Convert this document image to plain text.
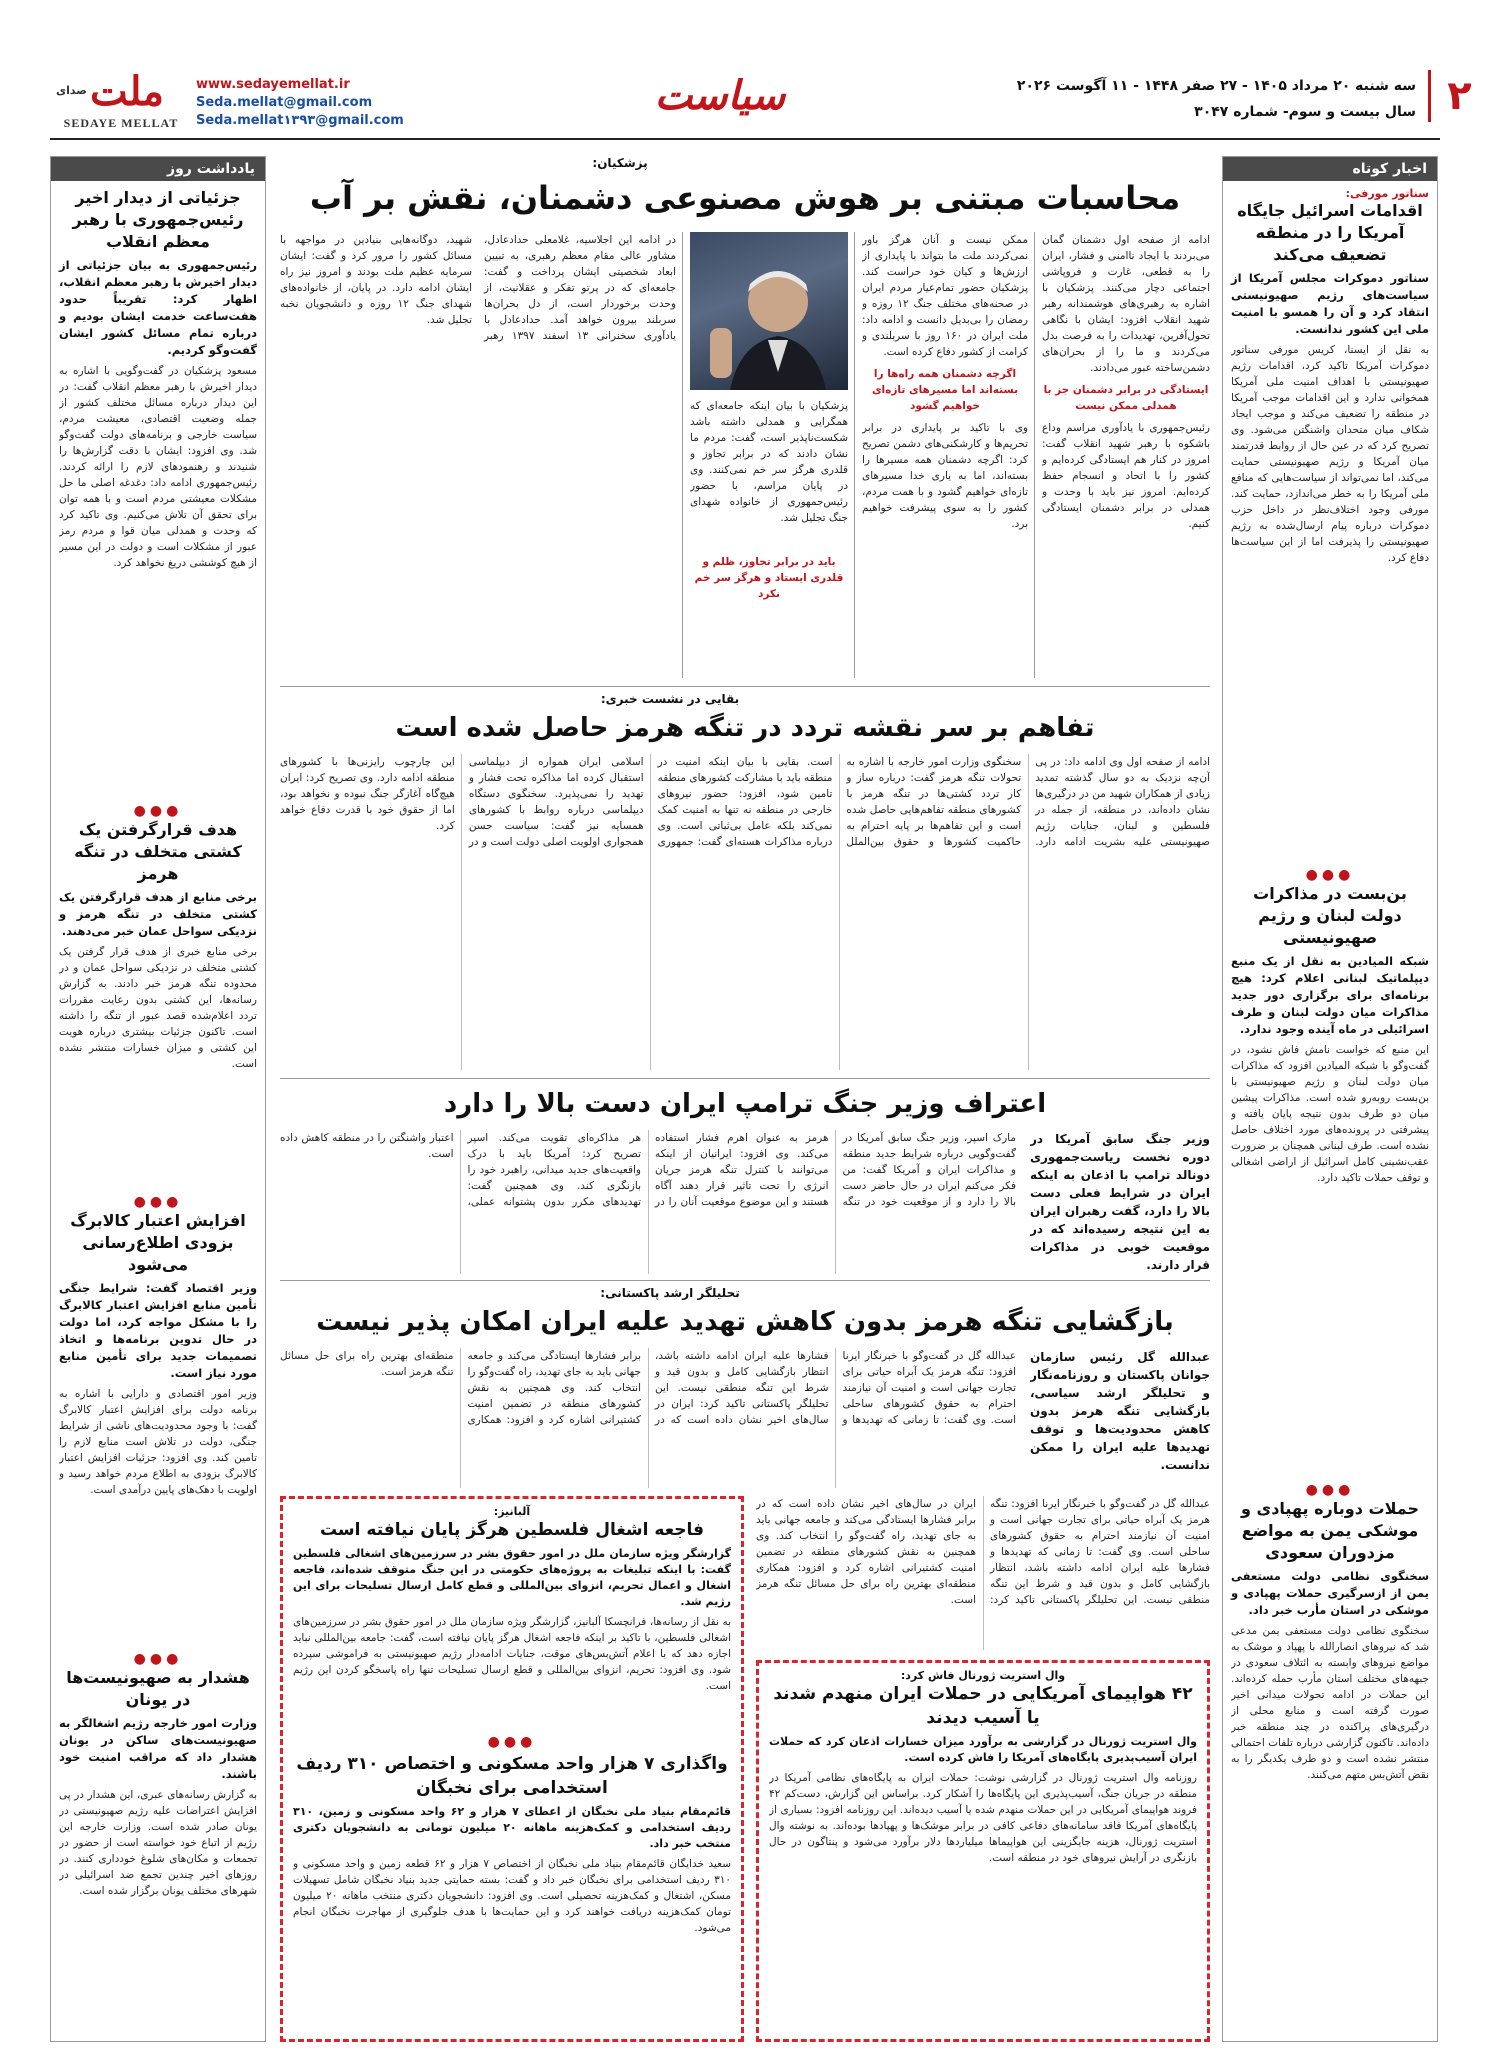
۲
سه شنبه ۲۰ مرداد ۱۴۰۵ - ۲۷ صفر ۱۴۴۸ - ۱۱ آگوست ۲۰۲۶
سال بیست و سوم- شماره ۳۰۴۷
سیاست
www.sedayemellat.ir
Seda.mellat@gmail.com
Seda.mellat۱۳۹۳@gmail.com
صدای ملت
SEDAYE MELLAT
اخبار کوتاه
سناتور مورفی:
اقدامات اسرائیل جایگاه آمریکا را در منطقه تضعیف می‌کند
سناتور دموکرات مجلس آمریکا از سیاست‌های رژیم صهیونیستی انتقاد کرد و آن را همسو با امنیت ملی این کشور ندانست.
به نقل از ایسنا، کریس مورفی سناتور دموکرات آمریکا تاکید کرد، اقدامات رژیم صهیونیستی با اهداف امنیت ملی آمریکا همخوانی ندارد و این اقدامات موجب آمریکا در منطقه را تضعیف می‌کند و موجب ایجاد شکاف میان متحدان واشنگتن می‌شود. وی تصریح کرد که در عین حال از روابط قدرتمند میان آمریکا و رژیم صهیونیستی حمایت می‌کند، اما نمی‌تواند از سیاست‌هایی که منافع ملی آمریکا را به خطر می‌اندازد، حمایت کند. مورفی وجود اختلاف‌نظر در داخل حزب دموکرات درباره پیام ارسال‌شده به رژیم صهیونیستی را پذیرفت اما از این سیاست‌ها دفاع کرد.
●●●
بن‌بست در مذاکرات دولت لبنان و رژیم صهیونیستی
شبکه المیادین به نقل از یک منبع دیپلماتیک لبنانی اعلام کرد: هیچ برنامه‌ای برای برگزاری دور جدید مذاکرات میان دولت لبنان و طرف اسرائیلی در ماه آینده وجود ندارد.
این منبع که خواست نامش فاش نشود، در گفت‌وگو با شبکه المیادین افزود که مذاکرات میان دولت لبنان و رژیم صهیونیستی با بن‌بست روبه‌رو شده است. مذاکرات پیشین میان دو طرف بدون نتیجه پایان یافته و پیشرفتی در پرونده‌های مورد اختلاف حاصل نشده است. طرف لبنانی همچنان بر ضرورت عقب‌نشینی کامل اسرائیل از اراضی اشغالی و توقف حملات تاکید دارد.
●●●
حملات دوباره پهپادی و موشکی یمن به مواضع مزدوران سعودی
سخنگوی نظامی دولت مستعفی یمن از ازسرگیری حملات پهپادی و موشکی در استان مأرب خبر داد.
سخنگوی نظامی دولت مستعفی یمن مدعی شد که نیروهای انصارالله با پهپاد و موشک به مواضع نیروهای وابسته به ائتلاف سعودی در جبهه‌های مختلف استان مأرب حمله کرده‌اند. این حملات در ادامه تحولات میدانی اخیر صورت گرفته است و منابع محلی از درگیری‌های پراکنده در چند منطقه خبر داده‌اند. تاکنون گزارشی درباره تلفات احتمالی منتشر نشده است و دو طرف یکدیگر را به نقض آتش‌بس متهم می‌کنند.
یادداشت روز
جزئیاتی از دیدار اخیر رئیس‌جمهوری با رهبر معظم انقلاب
رئیس‌جمهوری به بیان جزئیاتی از دیدار اخیرش با رهبر معظم انقلاب، اظهار کرد: تقریباً حدود هفت‌ساعت خدمت ایشان بودیم و درباره تمام مسائل کشور ایشان گفت‌وگو کردیم.
مسعود پزشکیان در گفت‌وگویی با اشاره به دیدار اخیرش با رهبر معظم انقلاب گفت: در این دیدار درباره مسائل مختلف کشور از جمله وضعیت اقتصادی، معیشت مردم، سیاست خارجی و برنامه‌های دولت گفت‌وگو شد. وی افزود: ایشان با دقت گزارش‌ها را شنیدند و رهنمودهای لازم را ارائه کردند. رئیس‌جمهوری ادامه داد: دغدغه اصلی ما حل مشکلات معیشتی مردم است و با همه توان برای تحقق آن تلاش می‌کنیم. وی تاکید کرد که وحدت و همدلی میان قوا و مردم رمز عبور از مشکلات است و دولت در این مسیر از هیچ کوششی دریغ نخواهد کرد.
●●●
هدف قرارگرفتن یک کشتی متخلف در تنگه هرمز
برخی منابع از هدف قرارگرفتن یک کشتی متخلف در تنگه هرمز و نزدیکی سواحل عمان خبر می‌دهند.
برخی منابع خبری از هدف قرار گرفتن یک کشتی متخلف در نزدیکی سواحل عمان و در محدوده تنگه هرمز خبر دادند. به گزارش رسانه‌ها، این کشتی بدون رعایت مقررات تردد اعلام‌شده قصد عبور از تنگه را داشته است. تاکنون جزئیات بیشتری درباره هویت این کشتی و میزان خسارات منتشر نشده است.
●●●
افزایش اعتبار کالابرگ بزودی اطلاع‌رسانی می‌شود
وزیر اقتصاد گفت: شرایط جنگی تأمین منابع افزایش اعتبار کالابرگ را با مشکل مواجه کرد، اما دولت در حال تدوین برنامه‌ها و اتخاذ تصمیمات جدید برای تأمین منابع مورد نیاز است.
وزیر امور اقتصادی و دارایی با اشاره به برنامه دولت برای افزایش اعتبار کالابرگ گفت: با وجود محدودیت‌های ناشی از شرایط جنگی، دولت در تلاش است منابع لازم را تامین کند. وی افزود: جزئیات افزایش اعتبار کالابرگ بزودی به اطلاع مردم خواهد رسید و اولویت با دهک‌های پایین درآمدی است.
●●●
هشدار به صهیونیست‌ها در یونان
وزارت امور خارجه رژیم اشغالگر به صهیونیست‌های ساکن در یونان هشدار داد که مراقب امنیت خود باشند.
به گزارش رسانه‌های عبری، این هشدار در پی افزایش اعتراضات علیه رژیم صهیونیستی در یونان صادر شده است. وزارت خارجه این رژیم از اتباع خود خواسته است از حضور در تجمعات و مکان‌های شلوغ خودداری کنند. در روزهای اخیر چندین تجمع ضد اسرائیلی در شهرهای مختلف یونان برگزار شده است.
پزشکیان:
محاسبات مبتنی بر هوش مصنوعی دشمنان، نقش بر آب
ادامه از صفحه اول دشمنان گمان می‌بردند با ایجاد ناامنی و فشار، ایران را به قطعی، غارت و فروپاشی اجتماعی دچار می‌کنند. پزشکیان با اشاره به رهبری‌های هوشمندانه رهبر شهید انقلاب افزود: ایشان با نگاهی تحول‌آفرین، تهدیدات را به فرصت بدل می‌کردند و ما را از بحران‌های دشمن‌ساخته عبور می‌دادند.
ایستادگی در برابر دشمنان جز با همدلی ممکن نیست
رئیس‌جمهوری با یادآوری مراسم وداع باشکوه با رهبر شهید انقلاب گفت: امروز در کنار هم ایستادگی کرده‌ایم و کشور را با اتحاد و انسجام حفظ کرده‌ایم. امروز نیز باید با وحدت و همدلی در برابر دشمنان ایستادگی کنیم.
ممکن نیست و آنان هرگز باور نمی‌کردند ملت ما بتواند با پایداری از ارزش‌ها و کیان خود حراست کند. پزشکیان حضور تمام‌عیار مردم ایران در صحنه‌های مختلف جنگ ۱۲ روزه و رمضان را بی‌بدیل دانست و ادامه داد: ملت ایران در ۱۶۰ روز با سربلندی و کرامت از کشور دفاع کرده است.
اگرچه دشمنان همه راه‌ها را بسته‌اند اما مسیرهای تازه‌ای خواهیم گشود
وی با تاکید بر پایداری در برابر تحریم‌ها و کارشکنی‌های دشمن تصریح کرد: اگرچه دشمنان همه مسیرها را بسته‌اند، اما به یاری خدا مسیرهای تازه‌ای خواهیم گشود و با همت مردم، کشور را به سوی پیشرفت خواهیم برد.
پزشکیان با بیان اینکه جامعه‌ای که همگرایی و همدلی داشته باشد شکست‌ناپذیر است، گفت: مردم ما نشان دادند که در برابر تجاوز و قلدری هرگز سر خم نمی‌کنند. وی در پایان مراسم، با حضور رئیس‌جمهوری از خانواده شهدای جنگ تجلیل شد.
باید در برابر تجاوز، ظلم و قلدری ایستاد و هرگز سر خم نکرد
در ادامه این اجلاسیه، غلامعلی حدادعادل، مشاور عالی مقام معظم رهبری، به تبیین ابعاد شخصیتی ایشان پرداخت و گفت: جامعه‌ای که در پرتو تفکر و عقلانیت، از وحدت برخوردار است، از دل بحران‌ها سربلند بیرون خواهد آمد. حدادعادل با یادآوری سخنرانی ۱۳ اسفند ۱۳۹۷ رهبر شهید، دوگانه‌هایی بنیادین در مواجهه با مسائل کشور را مرور کرد و گفت: ایشان سرمایه عظیم ملت بودند و امروز نیز راه ایشان ادامه دارد. در پایان، از خانواده‌های شهدای جنگ ۱۲ روزه و دانشجویان نخبه تجلیل شد.
بقایی در نشست خبری:
تفاهم بر سر نقشه تردد در تنگه هرمز حاصل شده است
ادامه از صفحه اول وی ادامه داد: در پی آن‌چه نزدیک به دو سال گذشته تمدید زیادی از همکاران شهید من در درگیری‌ها نشان داده‌اند، در منطقه، از جمله در فلسطین و لبنان، جنایات رژیم صهیونیستی علیه بشریت ادامه دارد. سخنگوی وزارت امور خارجه با اشاره به تحولات تنگه هرمز گفت: درباره ساز و کار تردد کشتی‌ها در تنگه هرمز با کشورهای منطقه تفاهم‌هایی حاصل شده است و این تفاهم‌ها بر پایه احترام به حاکمیت کشورها و حقوق بین‌الملل است. بقایی با بیان اینکه امنیت در منطقه باید با مشارکت کشورهای منطقه تامین شود، افزود: حضور نیروهای خارجی در منطقه نه تنها به امنیت کمک نمی‌کند بلکه عامل بی‌ثباتی است. وی درباره مذاکرات هسته‌ای گفت: جمهوری اسلامی ایران همواره از دیپلماسی استقبال کرده اما مذاکره تحت فشار و تهدید را نمی‌پذیرد. سخنگوی دستگاه دیپلماسی درباره روابط با کشورهای همسایه نیز گفت: سیاست حسن همجواری اولویت اصلی دولت است و در این چارچوب رایزنی‌ها با کشورهای منطقه ادامه دارد. وی تصریح کرد: ایران هیچ‌گاه آغازگر جنگ نبوده و نخواهد بود، اما از حقوق خود با قدرت دفاع خواهد کرد.
اعتراف وزیر جنگ ترامپ ایران دست بالا را دارد
وزیر جنگ سابق آمریکا در دوره نخست ریاست‌جمهوری دونالد ترامپ با اذعان به اینکه ایران در شرایط فعلی دست بالا را دارد، گفت رهبران ایران به این نتیجه رسیده‌اند که در موقعیت خوبی در مذاکرات قرار دارند.
مارک اسپر، وزیر جنگ سابق آمریکا در گفت‌وگویی درباره شرایط جدید منطقه و مذاکرات ایران و آمریکا گفت: من فکر می‌کنم ایران در حال حاضر دست بالا را دارد و از موقعیت خود در تنگه هرمز به عنوان اهرم فشار استفاده می‌کند. وی افزود: ایرانیان از اینکه می‌توانند با کنترل تنگه هرمز جریان انرژی را تحت تاثیر قرار دهند آگاه هستند و این موضوع موقعیت آنان را در هر مذاکره‌ای تقویت می‌کند. اسپر تصریح کرد: آمریکا باید با درک واقعیت‌های جدید میدانی، راهبرد خود را بازنگری کند. وی همچنین گفت: تهدیدهای مکرر بدون پشتوانه عملی، اعتبار واشنگتن را در منطقه کاهش داده است.
تحلیلگر ارشد پاکستانی:
بازگشایی تنگه هرمز بدون کاهش تهدید علیه ایران امکان پذیر نیست
عبدالله گل رئیس سازمان جوانان پاکستان و روزنامه‌نگار و تحلیلگر ارشد سیاسی، بازگشایی تنگه هرمز بدون کاهش محدودیت‌ها و توقف تهدیدها علیه ایران را ممکن ندانست.
عبدالله گل در گفت‌وگو با خبرنگار ایرنا افزود: تنگه هرمز یک آبراه حیاتی برای تجارت جهانی است و امنیت آن نیازمند احترام به حقوق کشورهای ساحلی است. وی گفت: تا زمانی که تهدیدها و فشارها علیه ایران ادامه داشته باشد، انتظار بازگشایی کامل و بدون قید و شرط این تنگه منطقی نیست. این تحلیلگر پاکستانی تاکید کرد: ایران در سال‌های اخیر نشان داده است که در برابر فشارها ایستادگی می‌کند و جامعه جهانی باید به جای تهدید، راه گفت‌وگو را انتخاب کند. وی همچنین به نقش کشورهای منطقه در تضمین امنیت کشتیرانی اشاره کرد و افزود: همکاری منطقه‌ای بهترین راه برای حل مسائل تنگه هرمز است.
عبدالله گل در گفت‌وگو با خبرنگار ایرنا افزود: تنگه هرمز یک آبراه حیاتی برای تجارت جهانی است و امنیت آن نیازمند احترام به حقوق کشورهای ساحلی است. وی گفت: تا زمانی که تهدیدها و فشارها علیه ایران ادامه داشته باشد، انتظار بازگشایی کامل و بدون قید و شرط این تنگه منطقی نیست. این تحلیلگر پاکستانی تاکید کرد: ایران در سال‌های اخیر نشان داده است که در برابر فشارها ایستادگی می‌کند و جامعه جهانی باید به جای تهدید، راه گفت‌وگو را انتخاب کند. وی همچنین به نقش کشورهای منطقه در تضمین امنیت کشتیرانی اشاره کرد و افزود: همکاری منطقه‌ای بهترین راه برای حل مسائل تنگه هرمز است.
آلبانیز:
فاجعه اشغال فلسطین هرگز پایان نیافته است
گزارشگر ویژه سازمان ملل در امور حقوق بشر در سرزمین‌های اشغالی فلسطین گفت: با اینکه تبلیغات به پروژه‌های حکومتی در این جنگ متوقف شده‌اند، فاجعه اشغال و اعمال تحریم، انزوای بین‌المللی و قطع کامل ارسال تسلیحات برای این رژیم شد.
به نقل از رسانه‌ها، فرانچسکا آلبانیز، گزارشگر ویژه سازمان ملل در امور حقوق بشر در سرزمین‌های اشغالی فلسطین، با تاکید بر اینکه فاجعه اشغال هرگز پایان نیافته است، گفت: جامعه بین‌المللی نباید اجازه دهد که با اعلام آتش‌بس‌های موقت، جنایات ادامه‌دار رژیم صهیونیستی به فراموشی سپرده شود. وی افزود: تحریم، انزوای بین‌المللی و قطع ارسال تسلیحات تنها راه پاسخگو کردن این رژیم است.
●●●
واگذاری ۷ هزار واحد مسکونی و اختصاص ۳۱۰ ردیف استخدامی برای نخبگان
قائم‌مقام بنیاد ملی نخبگان از اعطای ۷ هزار و ۶۲ واحد مسکونی و زمین، ۳۱۰ ردیف استخدامی و کمک‌هزینه ماهانه ۲۰ میلیون تومانی به دانشجویان دکتری منتخب خبر داد.
سعید خدایگان قائم‌مقام بنیاد ملی نخبگان از اختصاص ۷ هزار و ۶۲ قطعه زمین و واحد مسکونی و ۳۱۰ ردیف استخدامی برای نخبگان خبر داد و گفت: بسته حمایتی جدید بنیاد نخبگان شامل تسهیلات مسکن، اشتغال و کمک‌هزینه تحصیلی است. وی افزود: دانشجویان دکتری منتخب ماهانه ۲۰ میلیون تومان کمک‌هزینه دریافت خواهند کرد و این حمایت‌ها با هدف جلوگیری از مهاجرت نخبگان انجام می‌شود.
وال استریت ژورنال فاش کرد:
۴۲ هواپیمای آمریکایی در حملات ایران منهدم شدند یا آسیب دیدند
وال استریت ژورنال در گزارشی به برآورد میزان خسارات اذعان کرد که حملات ایران آسیب‌پذیری پایگاه‌های آمریکا را فاش کرده است.
روزنامه وال استریت ژورنال در گزارشی نوشت: حملات ایران به پایگاه‌های نظامی آمریکا در منطقه در جریان جنگ، آسیب‌پذیری این پایگاه‌ها را آشکار کرد. براساس این گزارش، دست‌کم ۴۲ فروند هواپیمای آمریکایی در این حملات منهدم شده یا آسیب دیده‌اند. این روزنامه افزود: بسیاری از پایگاه‌های آمریکا فاقد سامانه‌های دفاعی کافی در برابر موشک‌ها و پهپادها بوده‌اند. به نوشته وال استریت ژورنال، هزینه جایگزینی این هواپیماها میلیاردها دلار برآورد می‌شود و پنتاگون در حال بازنگری در آرایش نیروهای خود در منطقه است.
